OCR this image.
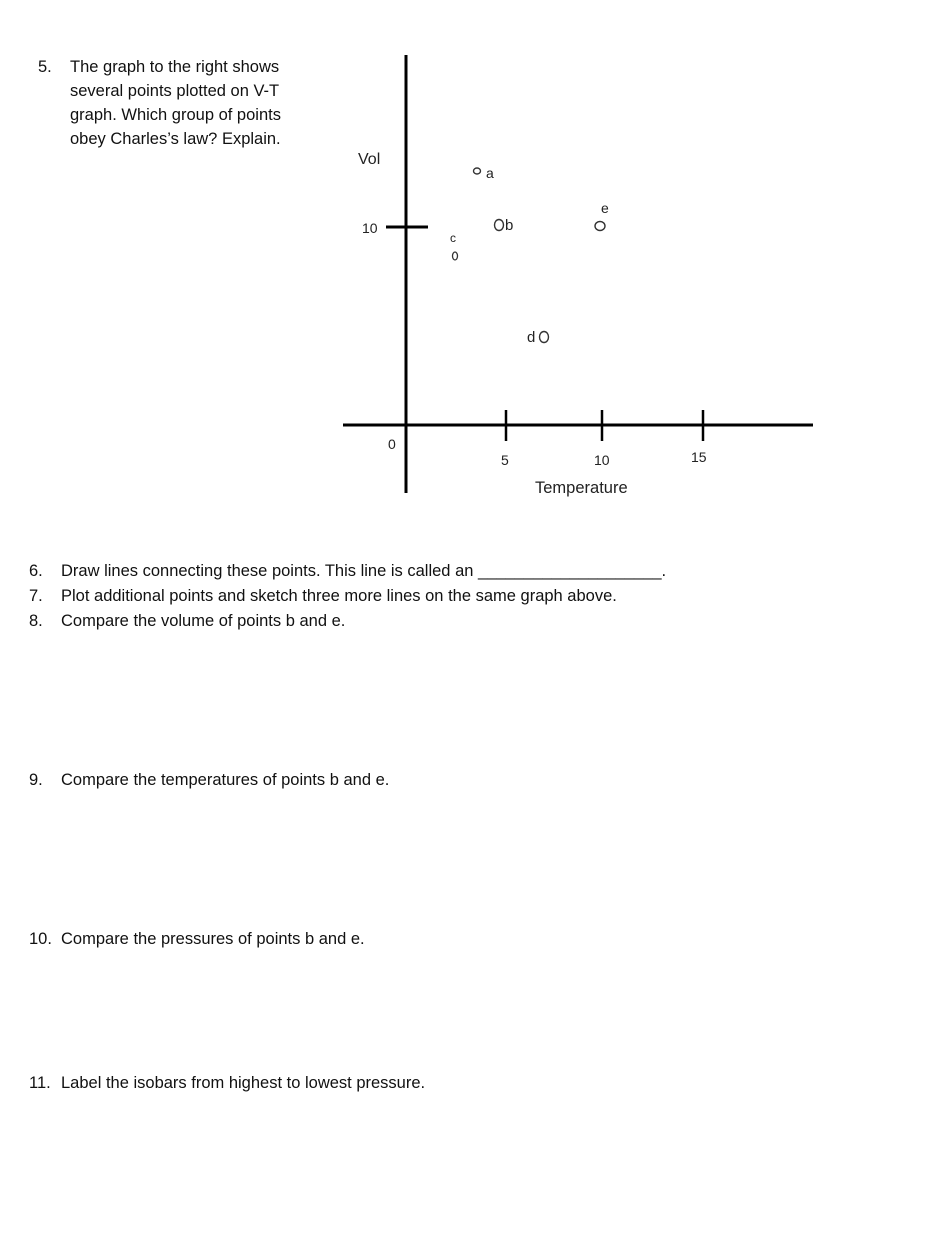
5. The graph to the right shows several points plotted on V-T graph. Which group of points obey Charles’s law? Explain.
Vol
10
0
5	10	15
Temperature
a
b
c
d
e
6. Draw lines connecting these points. This line is called an ____________________.
7. Plot additional points and sketch three more lines on the same graph above.
8. Compare the volume of points b and e.
9. Compare the temperatures of points b and e.
10. Compare the pressures of points b and e.
11. Label the isobars from highest to lowest pressure.
